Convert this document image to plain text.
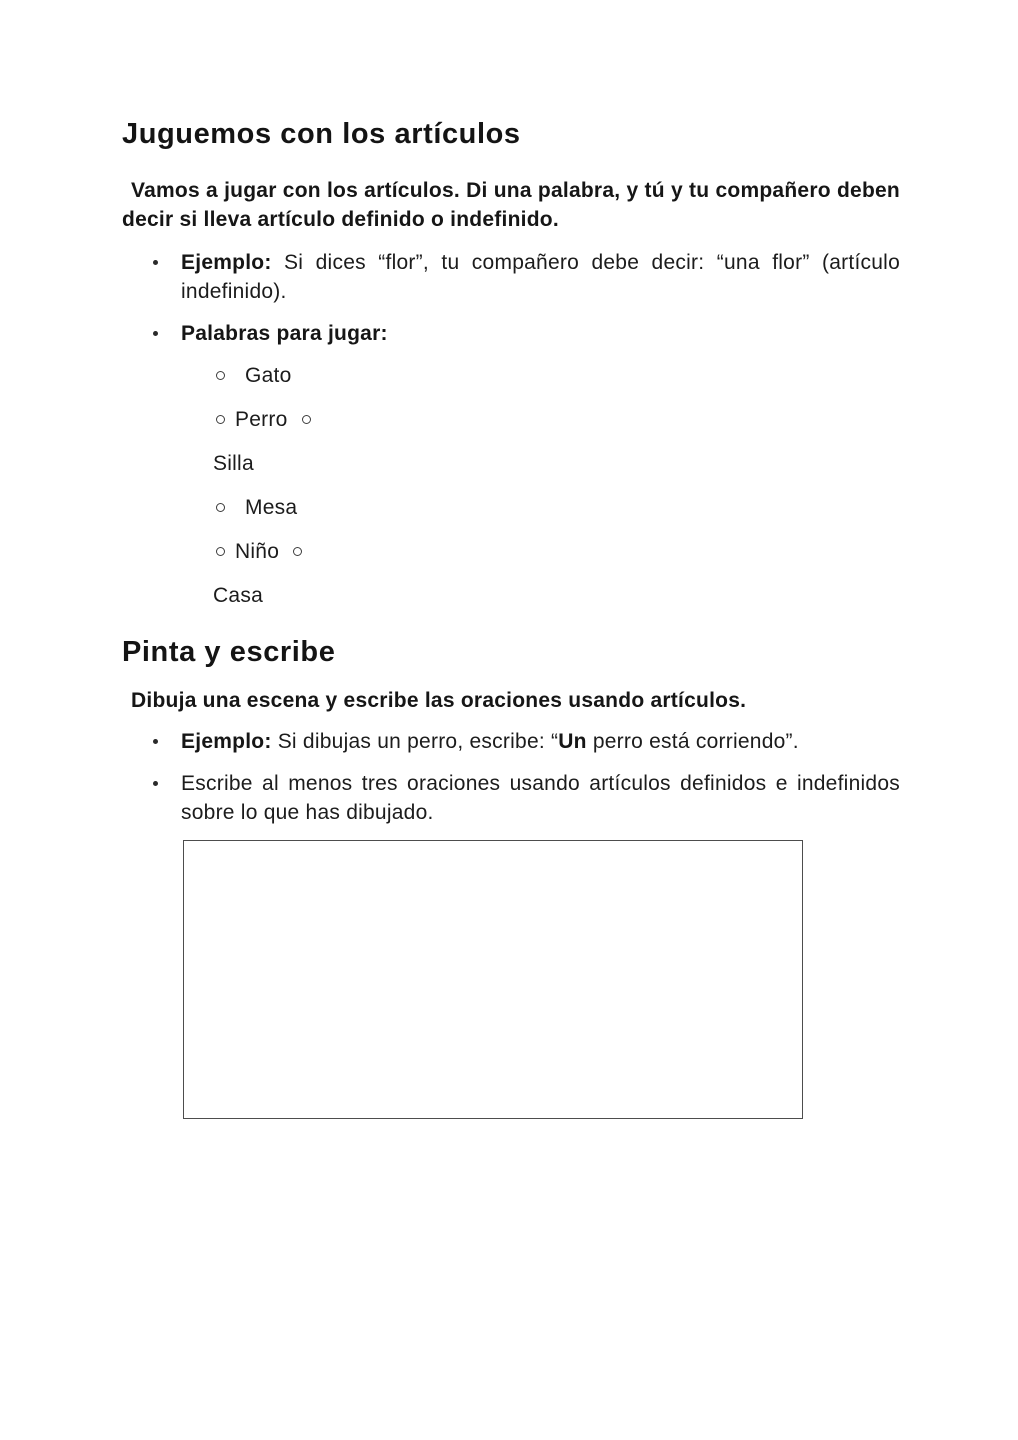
Juguemos con los artículos

Vamos a jugar con los artículos. Di una palabra, y tú y tu compañero deben decir si lleva artículo definido o indefinido.

Ejemplo: Si dices “flor”, tu compañero debe decir: “una flor” (artículo indefinido).
Palabras para jugar:
Gato
Perro
Silla
Mesa
Niño
Casa
Pinta y escribe

Dibuja una escena y escribe las oraciones usando artículos.

Ejemplo: Si dibujas un perro, escribe: “Un perro está corriendo”.
Escribe al menos tres oraciones usando artículos definidos e indefinidos sobre lo que has dibujado.
